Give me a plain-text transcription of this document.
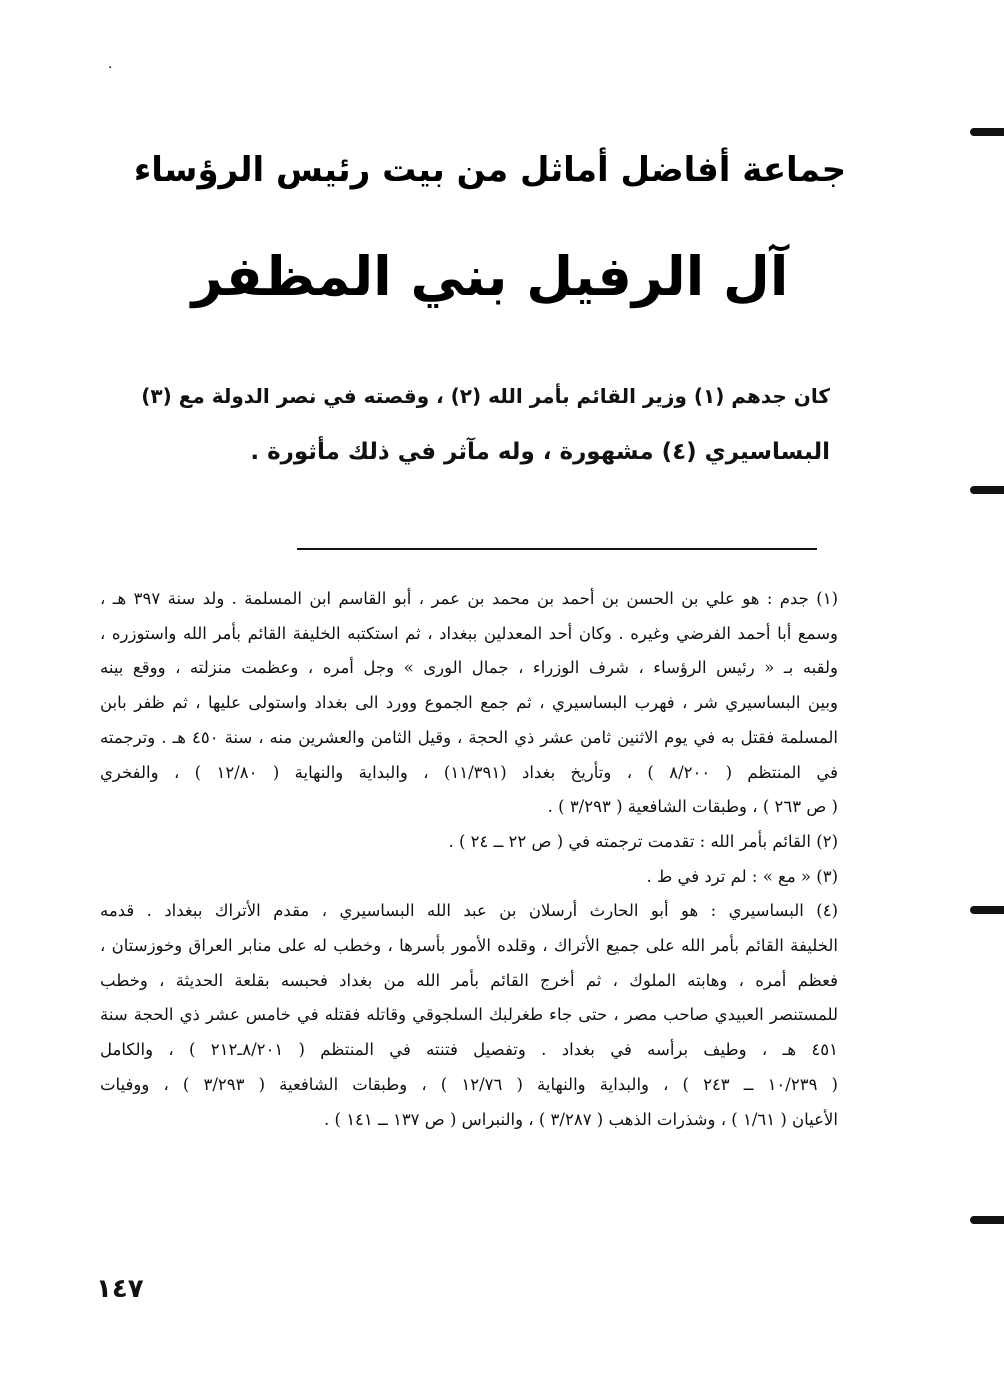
·
جماعة أفاضل أماثل من بيت رئيس الرؤساء
آل الرفيل بني المظفر

كان جدهم (١) وزير القائم بأمر الله (٢) ، وقصته في نصر الدولة مع (٣)

البساسيري (٤) مشهورة ، وله مآثر في ذلك مأثورة .

(١) جدم : هو علي بن الحسن بن أحمد بن محمد بن عمر ، أبو القاسم ابن المسلمة . ولد سنة ٣٩٧ هـ ،

وسمع أبا أحمد الفرضي وغيره . وكان أحد المعدلين ببغداد ، ثم استكتبه الخليفة القائم بأمر الله واستوزره ،

ولقبه بـ « رئيس الرؤساء ، شرف الوزراء ، جمال الورى » وجل أمره ، وعظمت منزلته ، ووقع بينه

وبين البساسيري شر ، فهرب البساسيري ، ثم جمع الجموع وورد الى بغداد واستولى عليها ، ثم ظفر بابن

المسلمة فقتل به في يوم الاثنين ثامن عشر ذي الحجة ، وقيل الثامن والعشرين منه ، سنة ٤٥٠ هـ . وترجمته

في المنتظم ( ٨/٢٠٠ ) ، وتأريخ بغداد (١١/٣٩١) ، والبداية والنهاية ( ١٢/٨٠ ) ، والفخري

( ص ٢٦٣ ) ، وطبقات الشافعية ( ٣/٢٩٣ ) .

(٢) القائم بأمر الله : تقدمت ترجمته في ( ص ٢٢ ــ ٢٤ ) .

(٣) « مع » : لم ترد في ط .

(٤) البساسيري : هو أبو الحارث أرسلان بن عبد الله البساسيري ، مقدم الأتراك ببغداد . قدمه

الخليفة القائم بأمر الله على جميع الأتراك ، وقلده الأمور بأسرها ، وخطب له على منابر العراق وخوزستان ،

فعظم أمره ، وهابته الملوك ، ثم أخرج القائم بأمر الله من بغداد فحبسه بقلعة الحديثة ، وخطب

للمستنصر العبيدي صاحب مصر ، حتى جاء طغرلبك السلجوقي وقاتله فقتله في خامس عشر ذي الحجة سنة

٤٥١ هـ ، وطيف برأسه في بغداد . وتفصيل فتنته في المنتظم ( ٨/٢٠١ـ٢١٢ ) ، والكامل

( ١٠/٢٣٩ ــ ٢٤٣ ) ، والبداية والنهاية ( ١٢/٧٦ ) ، وطبقات الشافعية ( ٣/٢٩٣ ) ، ووفيات

الأعيان ( ١/٦١ ) ، وشذرات الذهب ( ٣/٢٨٧ ) ، والنبراس ( ص ١٣٧ ــ ١٤١ ) .

١٤٧
